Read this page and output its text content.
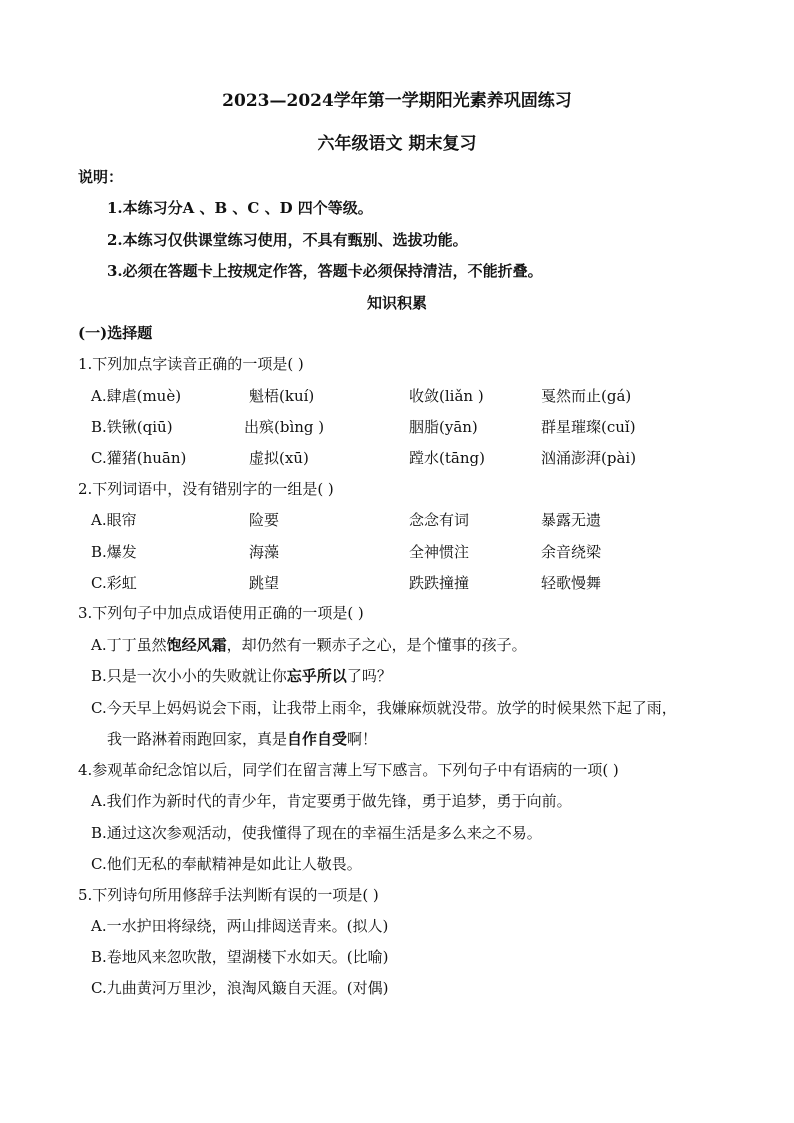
2023—2024学年第一学期阳光素养巩固练习
六年级语文 期末复习
说明：
1.本练习分A 、B 、C 、D 四个等级。
2.本练习仅供课堂练习使用，不具有甄别、选拔功能。
3.必须在答题卡上按规定作答，答题卡必须保持清洁，不能折叠。
知识积累
(一)选择题
1.下列加点字读音正确的一项是( )
A.肆虐(muè)	魁梧(kuí)	收敛(liǎn )	戛然而止(gá)
B.铁锹(qiū)	出殡(bìng )	胭脂(yān)	群星璀璨(cuǐ)
C.獾猪(huān)	虚拟(xū)	蹚水(tāng)	汹涌澎湃(pài)
2.下列词语中，没有错别字的一组是( )
A.眼帘	险要	念念有词	暴露无遗
B.爆发	海藻	全神惯注	余音绕梁
C.彩虹	跳望	跌跌撞撞	轻歌慢舞
3.下列句子中加点成语使用正确的一项是( )
A.丁丁虽然饱经风霜，却仍然有一颗赤子之心，是个懂事的孩子。
B.只是一次小小的失败就让你忘乎所以了吗？
C.今天早上妈妈说会下雨，让我带上雨伞，我嫌麻烦就没带。放学的时候果然下起了雨，
我一路淋着雨跑回家，真是自作自受啊！
4.参观革命纪念馆以后，同学们在留言薄上写下感言。下列句子中有语病的一项( )
A.我们作为新时代的青少年，肯定要勇于做先锋，勇于追梦，勇于向前。
B.通过这次参观活动，使我懂得了现在的幸福生活是多么来之不易。
C.他们无私的奉献精神是如此让人敬畏。
5.下列诗句所用修辞手法判断有误的一项是( )
A.一水护田将绿绕，两山排闼送青来。(拟人)
B.卷地风来忽吹散，望湖楼下水如天。(比喻)
C.九曲黄河万里沙，浪淘风簸自天涯。(对偶)
